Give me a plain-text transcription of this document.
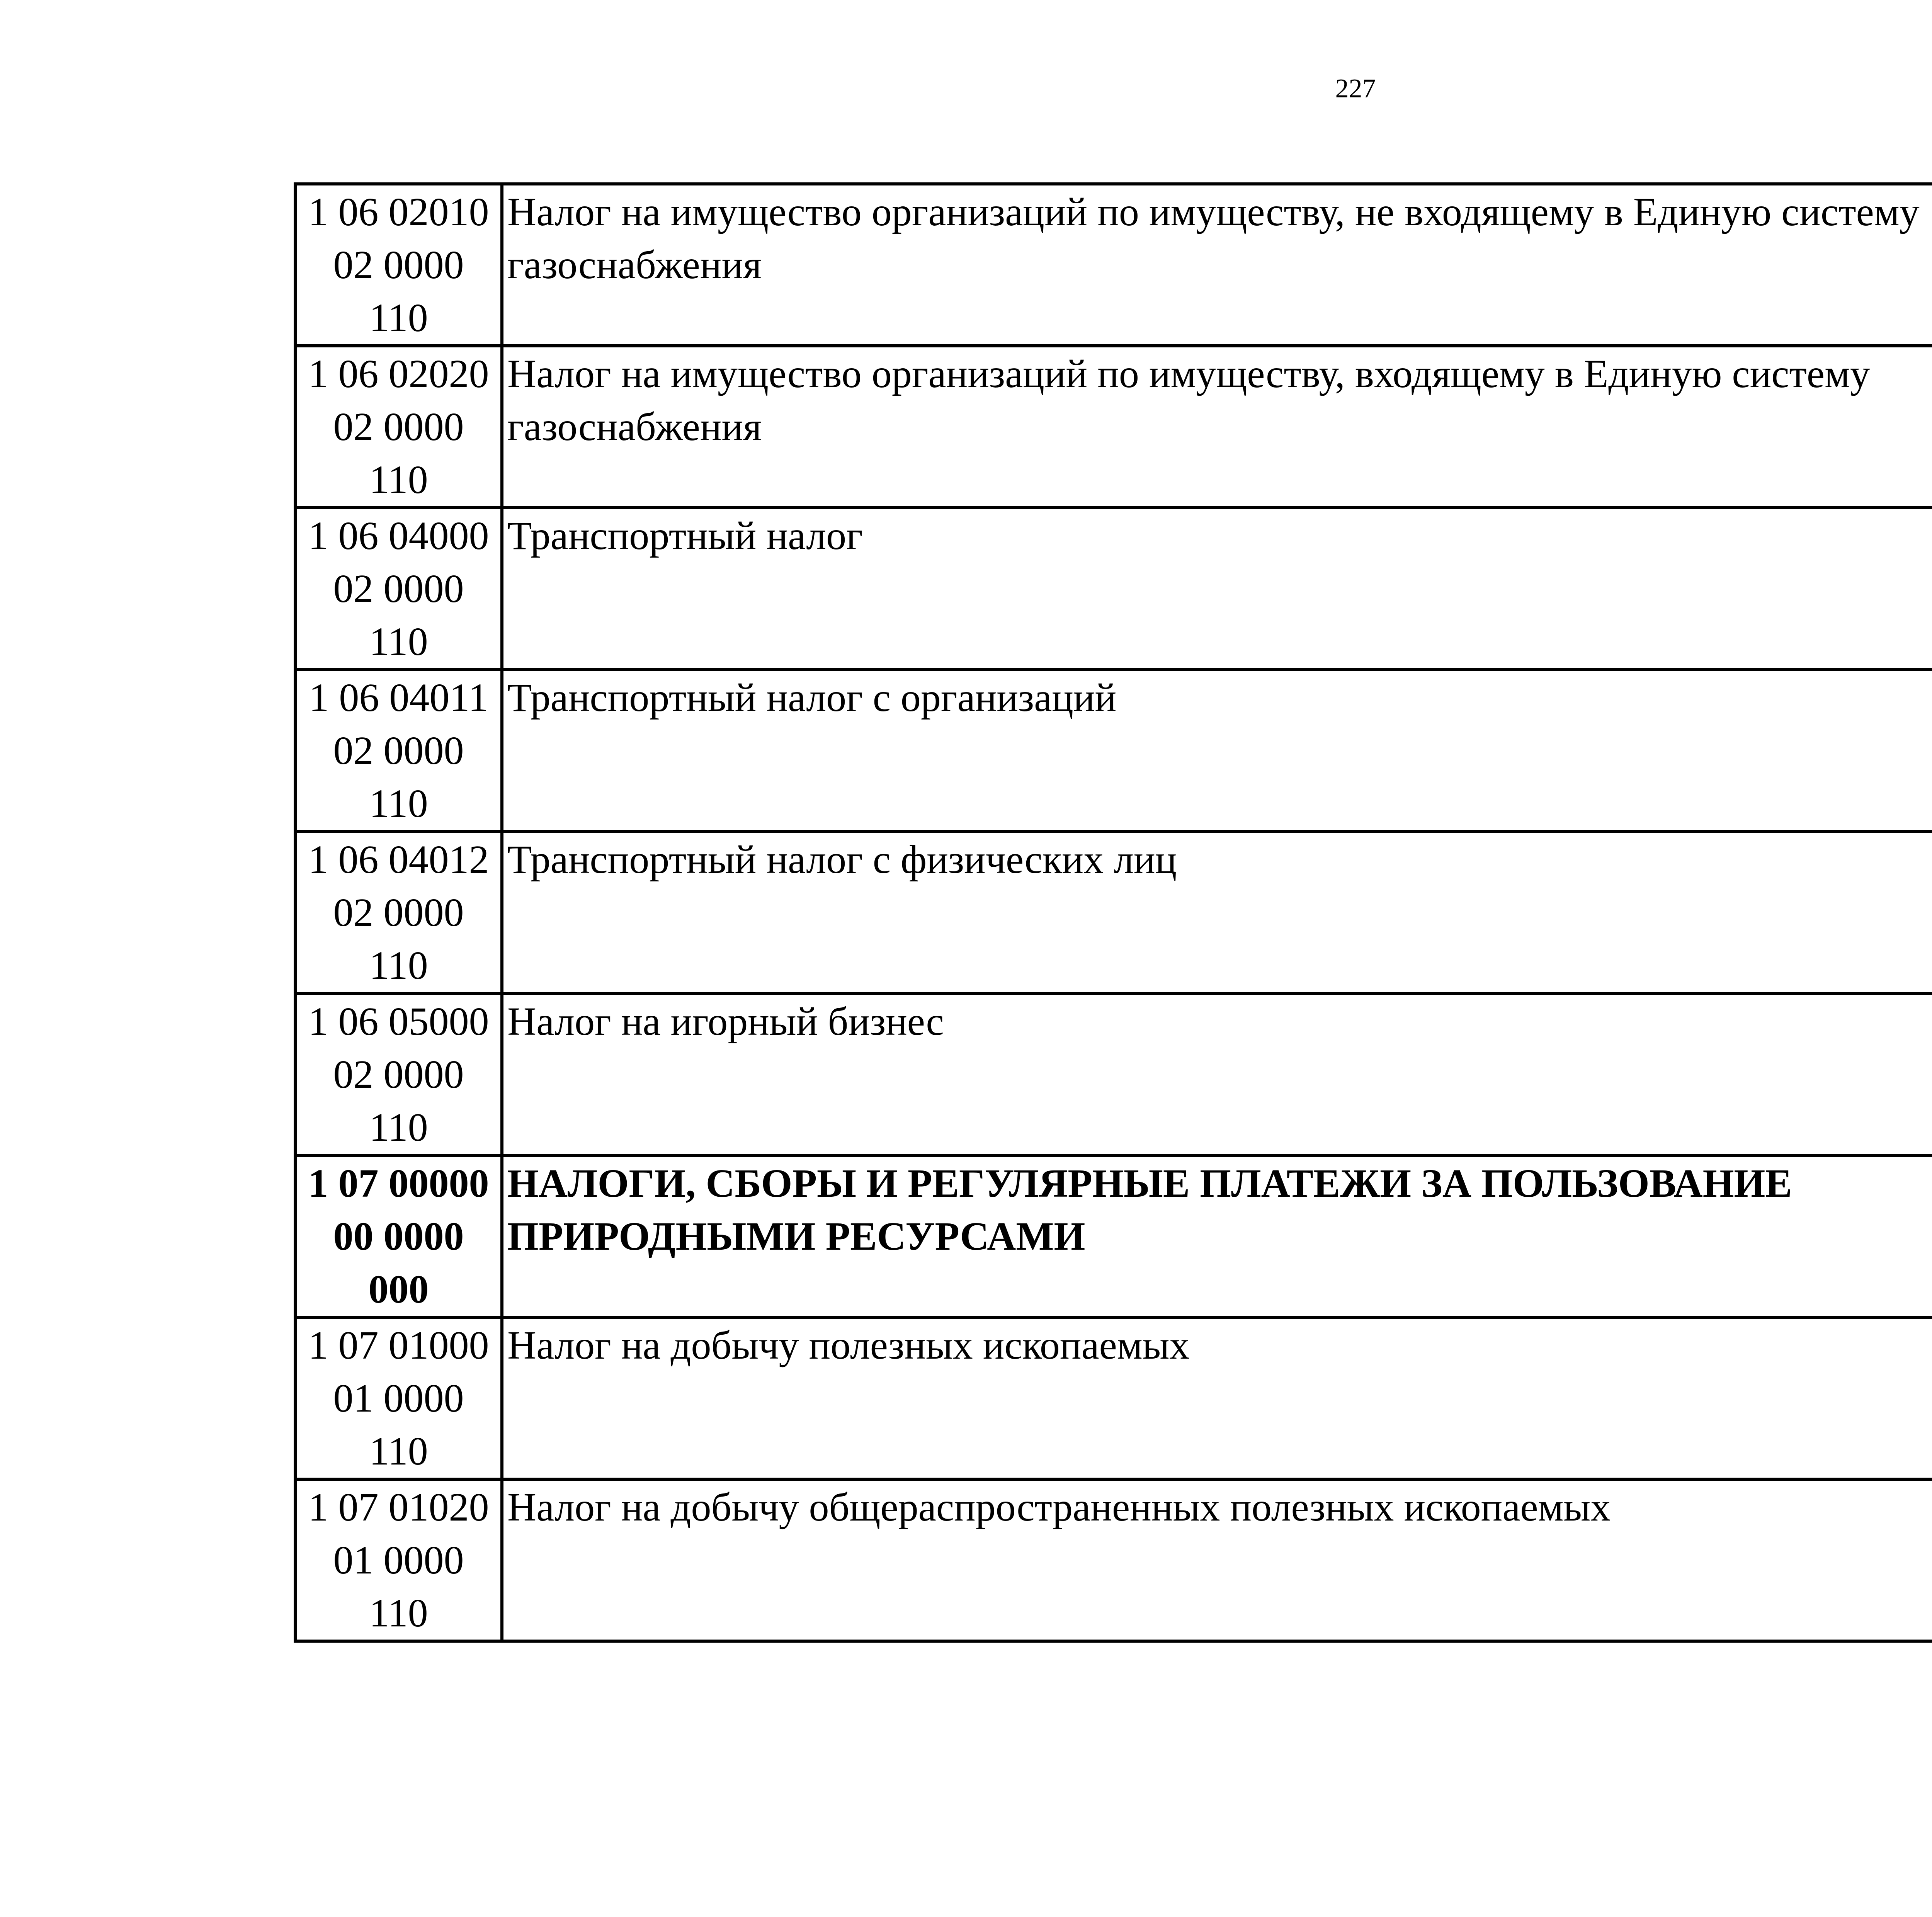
227
1 06 02010
02 0000
110	Налог на имущество организаций по имуществу, не входящему в Единую систему газоснабжения		

1 06 02020
02 0000
110	Налог на имущество организаций по имуществу, входящему в Единую систему газоснабжения		

1 06 04000
02 0000
110	Транспортный налог		

1 06 04011
02 0000
110	Транспортный налог с организаций		

1 06 04012
02 0000
110	Транспортный налог с физических лиц		

1 06 05000
02 0000
110	Налог на игорный бизнес		

1 07 00000
00 0000
000	НАЛОГИ, СБОРЫ И РЕГУЛЯРНЫЕ ПЛАТЕЖИ ЗА ПОЛЬЗОВАНИЕ ПРИРОДНЫМИ РЕСУРСАМИ		

1 07 01000
01 0000
110	Налог на добычу полезных ископаемых		

1 07 01020
01 0000
110	Налог на добычу общераспространенных полезных ископаемых		
